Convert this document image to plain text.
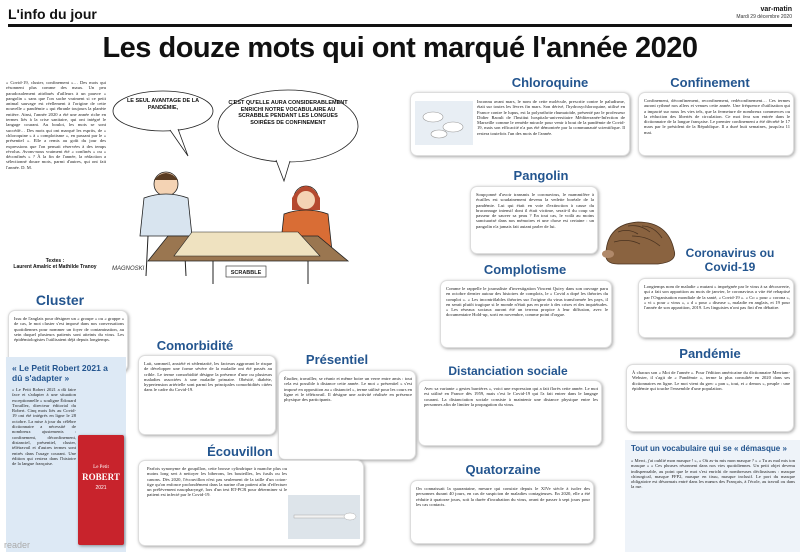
L'info du jour	var-matin
Mardi 29 décembre 2020
Les douze mots qui ont marqué l'année 2020
« Covid-19, cluster, confinement »… Des mots qui résonnent plus comme des maux. Un peu paradoxalement attribués d'ailleurs à un pauvre « pangolin » sans que l'on sache vraiment si ce petit animal sauvage est réellement à l'origine de cette nouvelle « pandémie » qui ébranle toujours la planète entière. Ainsi, l'année 2020 a été une année riche en termes liés à la crise sanitaire, qui ont intégré le langage courant. Au boulot, les mots se sont succédé… Des mots qui ont marqué les esprits, de « chloroquine » à « complotisme », en passant par le « présentiel ». Elle a remis au goût du jour des expressions que l'on pensait réservées à des temps révolus. Avons-nous vraiment été « confinés » ou « déconfinés » ? À la fin de l'année, la rédaction a sélectionné douze mots, parmi d'autres, qui ont fait l'année. D. M.
Textes :
Laurent Amalric et Mathilde Tranoy
LE SEUL AVANTAGE DE LA PANDÉMIE,
C'EST QU'ELLE AURA CONSIDÉRABLEMENT ENRICHI NOTRE VOCABULAIRE AU SCRABBLE PENDANT LES LONGUES SOIRÉES DE CONFINEMENT
SCRABBLE
MAGNOSKI
Chloroquine
Inconnu avant mars, le nom de cette molécule, prescrite contre le paludisme, était sur toutes les lèvres fin mars. Son dérivé, l'hydroxychloroquine, utilisé en France contre le lupus, est la polyarthrite rhumatoïde, présenté par le professeur Didier Raoult de l'Institut hospitalo-universitaire Méditerranée-Infection de Marseille comme le remède miracle pour venir à bout de la pandémie de Covid-19, mais son efficacité n'a pas été démontrée par la communauté scientifique. Il restera toutefois l'un des mots de l'année.
Confinement
Confinement, déconfinement, reconfinement, redéconfinement… Ces termes auront rythmé nos allers et venues cette année. Une fréquence d'utilisation qui a impacté sur nous les vies tels, que la fermeture de nombreux commerces ou la réduction des libertés de circulation. Ce mot fera son entrée dans le dictionnaire de la langue française. Le premier confinement a été décrété le 17 mars par le président de la République. Il a duré huit semaines, jusqu'au 11 mai.
Pangolin
Soupçonné d'avoir transmis le coronavirus, le mammifère à écailles est soudainement devenu la vedette boréale de la pandémie. Lui qui était en voie d'extinction à cause du braconnage intensif dont il était victime, serait-il du coup un passeur de sauver sa peau ? En tout cas, le voilà au moins sanctuarisé dans nos mémoires et une chose est certaine : un pangolin n'a jamais fait autant parler de lui.
Complotisme
Comme le rappelle le journaliste d'investigation Vincent Quivy dans son ouvrage paru en octobre dernier autour des histoires de complots, le « Covid a dopé les théories du complot ». « Les incontrôlables théories sur l'origine du virus transformée les pays, il en serait plutôt tragique si le monde n'était pas en proie à des crises et des inquiétudes. » Les réseaux sociaux auront été un terreau propice à leur diffusion, avec le documentaire Hold-up, sorti en novembre, comme point d'orgue.
Coronavirus ou Covid-19
Longtemps nom de maladie « mutant » imprégnée par le virus à sa découverte, qui a fait son apparition au mois de janvier, le coronavirus a vite été rebaptisé par l'Organisation mondiale de la santé, « Covid-19 ». « Co » pour « corona », « vi » pour « virus », « d » pour « disease », maladie en anglais, et 19 pour l'année de son apparition, 2019. Les linguistes n'ont pas fini d'en débattre.
Cluster
Issu de l'anglais pour désigner un « groupe » ou « grappe » de cas, le mot cluster s'est imposé dans nos conversations quotidiennes pour nommer un foyer de contamination, au sein duquel plusieurs patients sont atteints du virus. Les épidémiologistes l'utilisaient déjà depuis longtemps.	Comorbidité
Lait, sommeil, anxiété et sédentarité, les facteurs aggravant le risque de développer une forme sévère de la maladie ont été passés au crible. Le terme comorbidité désigne la présence d'une ou plusieurs maladies associées à une maladie primaire. Obésité, diabète, hypertension artérielle sont parmi les principales comorbidités citées dans le cadre du Covid-19.
Présentiel
Étudier, travailler, se réunir et même boire un verre entre amis : tout cela est possible à distance cette année. Le mot « présentiel » s'est imposé en opposition au « distanciel », terme utilisé pour les cours en ligne et le télétravail. Il désigne une activité réalisée en présence physique des participants.
Distanciation sociale
Avec sa variante « gestes barrières », voici une expression qui a fait florès cette année. Le mot est utilisé en France dès 1959, mais c'est le Covid-19 qui l'a fait entrer dans le langage courant. La distanciation sociale consiste à maintenir une distance physique entre les personnes afin de limiter la propagation du virus.
Pandémie
À chacun son « Mot de l'année ». Pour l'édition américaine du dictionnaire Merriam-Webster, il s'agit de « Pandémie », terme la plus consultée en 2020 dans ses dictionnaires en ligne. Le mot vient du grec « pan », tout, et « demos », peuple : une épidémie qui touche l'ensemble d'une population.
Écouvillon
Parfois synonyme de goupillon, cette brosse cylindrique à manche plus ou moins long sert à nettoyer les biberons, les bouteilles, les fusils ou les canons. Dès 2020, l'écouvillon n'est pas seulement de la taille d'un coton-tige qu'on enfonce profondément dans la narine d'un patient afin d'effectuer un prélèvement nasopharyngé, lors d'un test RT-PCR pour déterminer si le patient est infecté par le Covid-19.
Quatorzaine
On connaissait la quarantaine, mesure qui consiste depuis le XIVe siècle à isoler des personnes durant 40 jours, en cas de suspicion de maladies contagieuses. En 2020, elle a été réduite à quatorze jours, soit la durée d'incubation du virus, avant de passer à sept jours pour les cas contacts.
« Le Petit Robert 2021 a dû s'adapter »
« Le Petit Robert 2021 a dû faire face et s'adapter à une situation exceptionnelle » souligne Édouard Trouillez, directeur éditorial du Robert. Cinq mots liés au Covid-19 ont été intégrés en ligne le 28 octobre. La mise à jour du célèbre dictionnaire a nécessité de nombreux ajustements : confinement, déconfinement, distanciel, présentiel, cluster, télétravail et d'autres termes sont entrés dans l'usage courant. Une édition qui restera dans l'histoire de la langue française.
Le Petit
ROBERT
2021
Tout un vocabulaire qui se « démasque »
« Merci, j'ai oublié mon masque ! », « Où as-tu mis mon masque ? » « Tu as mal mis ton masque » « Ces phrases résonnent dans nos vies quotidiennes. Un petit objet devenu indispensable, au point que le mot s'est enrichi de nombreuses déclinaisons : masque chirurgical, masque FFP2, masque en tissu, masque inclusif. Le port du masque obligatoire est désormais entré dans les mœurs des Français, à l'école, au travail ou dans la rue.
reader
